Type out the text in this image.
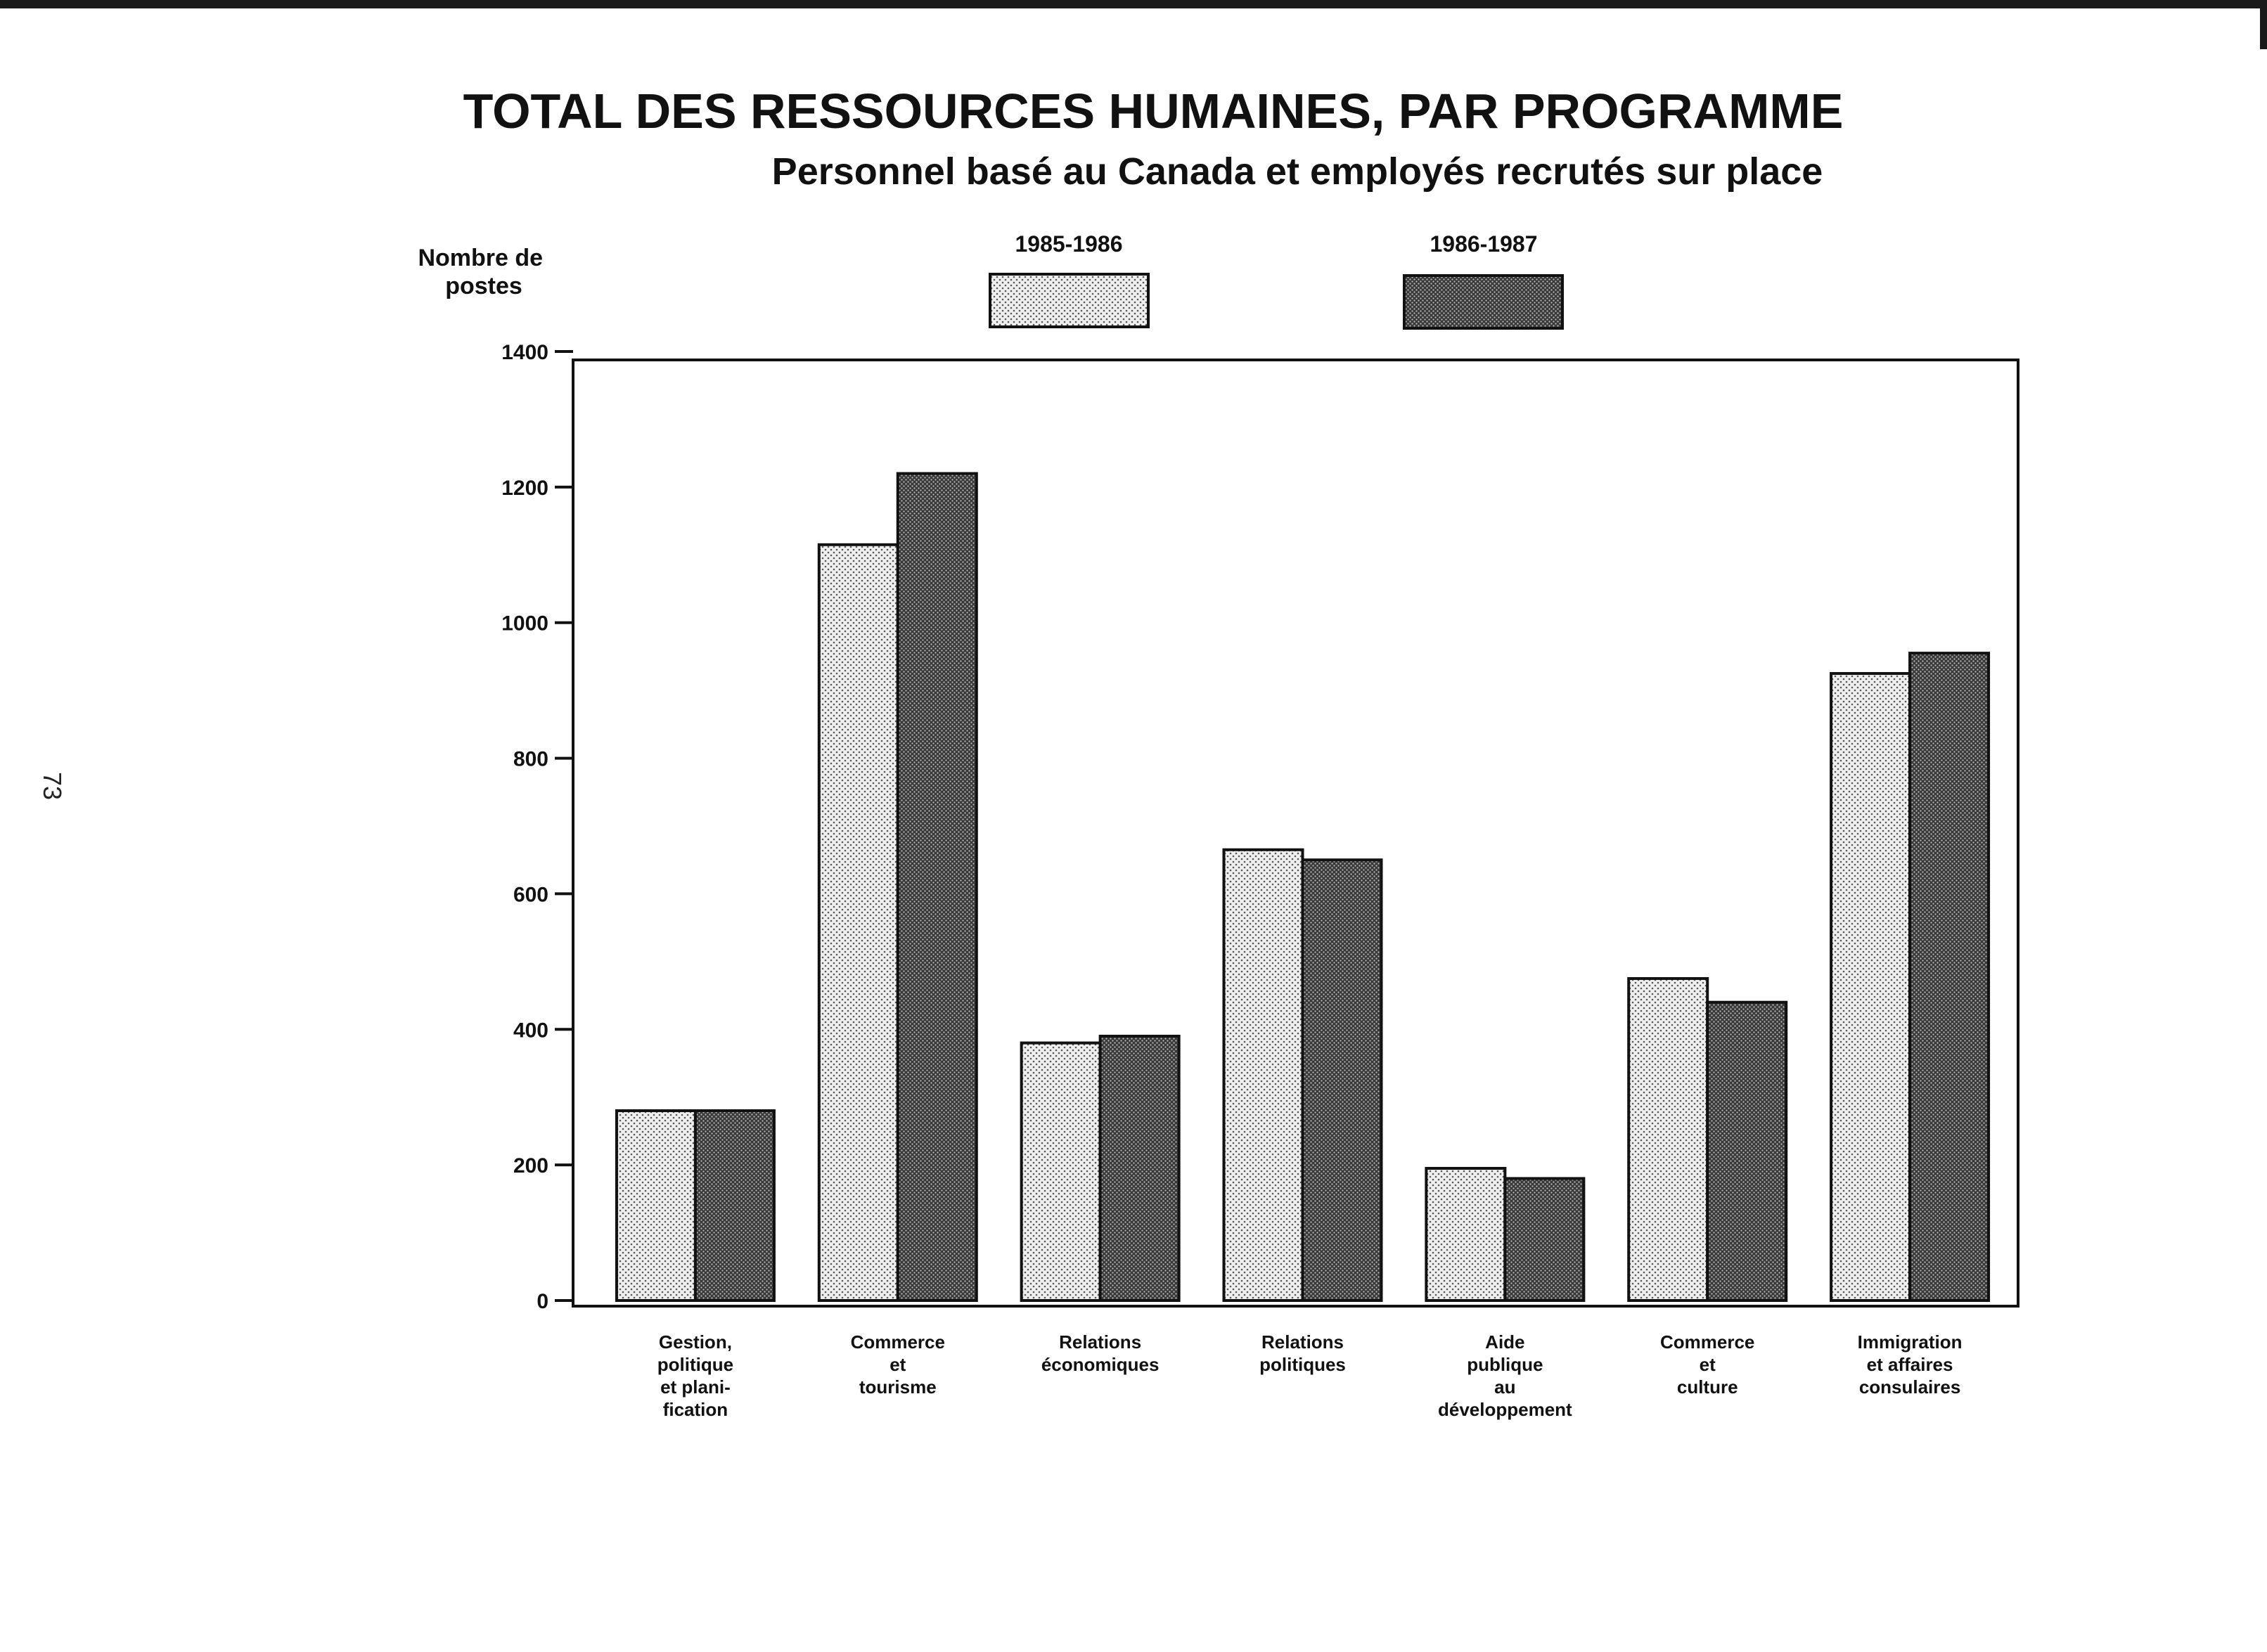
TOTAL DES RESSOURCES HUMAINES, PAR PROGRAMME
Personnel basé au Canada et employés recrutés sur place
Nombre de postes
1985-1986	1986-1987
0
200
400
600
800
1000
1200
1400
Gestion, politique et plani-fication
Commerce et tourisme
Relations économiques
Relations politiques
Aide publique au développement
Commerce et culture
Immigration et affaires consulaires
73
